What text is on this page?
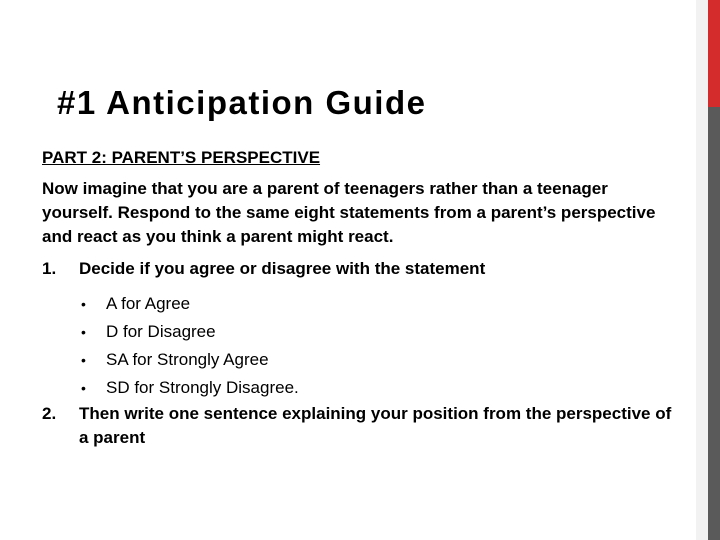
#1 Anticipation Guide

PART 2: PARENT’S PERSPECTIVE

Now imagine that you are a parent of teenagers rather than a teenager yourself. Respond to the same eight statements from a parent’s perspective and react as you think a parent might react.

1. Decide if you agree or disagree with the statement
• A for Agree
• D for Disagree
• SA for Strongly Agree
• SD for Strongly Disagree.
2. Then write one sentence explaining your position from the perspective of a parent
